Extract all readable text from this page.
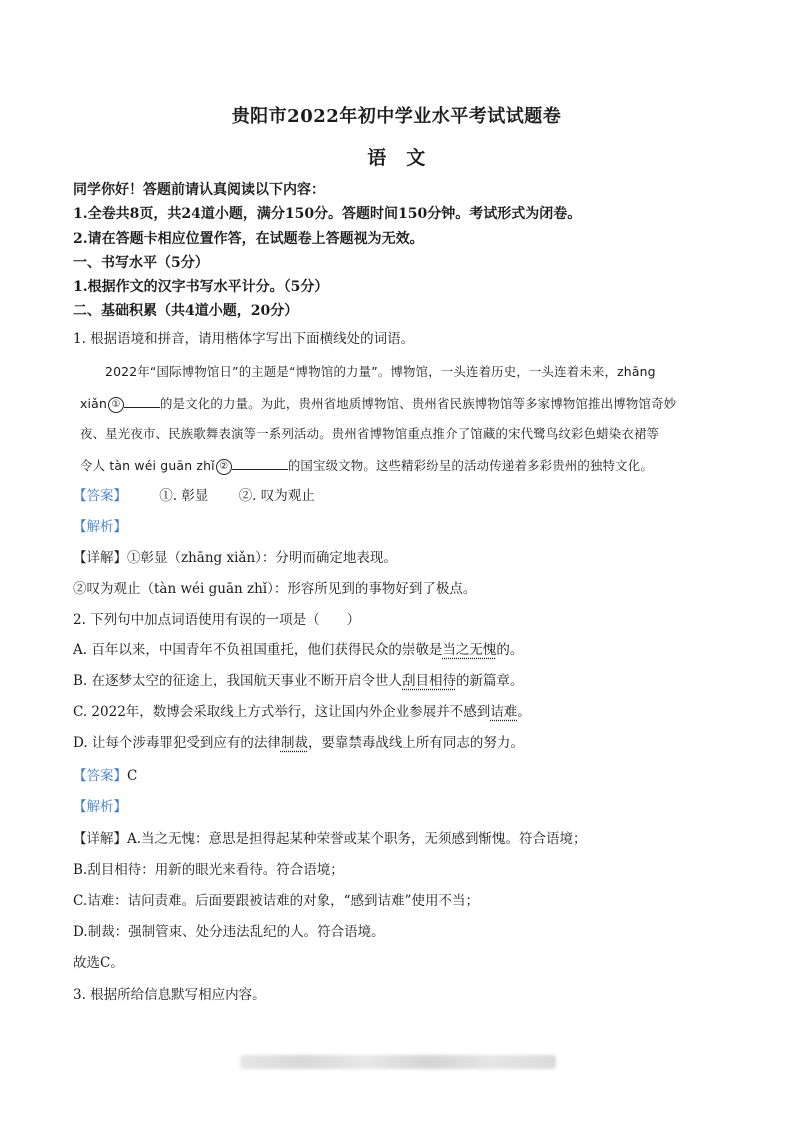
贵阳市2022年初中学业水平考试试题卷
语　文
同学你好！答题前请认真阅读以下内容：
1.全卷共8页，共24道小题，满分150分。答题时间150分钟。考试形式为闭卷。
2.请在答题卡相应位置作答，在试题卷上答题视为无效。
一、书写水平（5分）
1.根据作文的汉字书写水平计分。（5分）
二、基础积累（共4道小题，20分）
1. 根据语境和拼音，请用楷体字写出下面横线处的词语。
2022年“国际博物馆日”的主题是“博物馆的力量”。博物馆，一头连着历史，一头连着未来，zhāng
xiǎn ①	的是文化的力量。为此，贵州省地质博物馆、贵州省民族博物馆等多家博物馆推出博物馆奇妙
夜、星光夜市、民族歌舞表演等一系列活动。贵州省博物馆重点推介了馆藏的宋代鹭鸟纹彩色蜡染衣裙等
令人 tàn wéi guān zhǐ ②	的国宝级文物。这些精彩纷呈的活动传递着多彩贵州的独特文化。
【答案】 ①. 彰显 ②. 叹为观止
【解析】
【详解】①彰显（zhāng xiǎn）：分明而确定地表现。
②叹为观止（tàn wéi guān zhǐ）：形容所见到的事物好到了极点。
2. 下列句中加点词语使用有误的一项是（　　）
A. 百年以来，中国青年不负祖国重托，他们获得民众的崇敬是当之无愧的。
B. 在逐梦太空的征途上，我国航天事业不断开启令世人刮目相待的新篇章。
C. 2022年，数博会采取线上方式举行，这让国内外企业参展并不感到诘难。
D. 让每个涉毒罪犯受到应有的法律制裁，要靠禁毒战线上所有同志的努力。
【答案】C
【解析】
【详解】A.当之无愧：意思是担得起某种荣誉或某个职务，无须感到惭愧。符合语境；
B.刮目相待：用新的眼光来看待。符合语境；
C.诘难：诘问责难。后面要跟被诘难的对象，“感到诘难”使用不当；
D.制裁：强制管束、处分违法乱纪的人。符合语境。
故选C。
3. 根据所给信息默写相应内容。
